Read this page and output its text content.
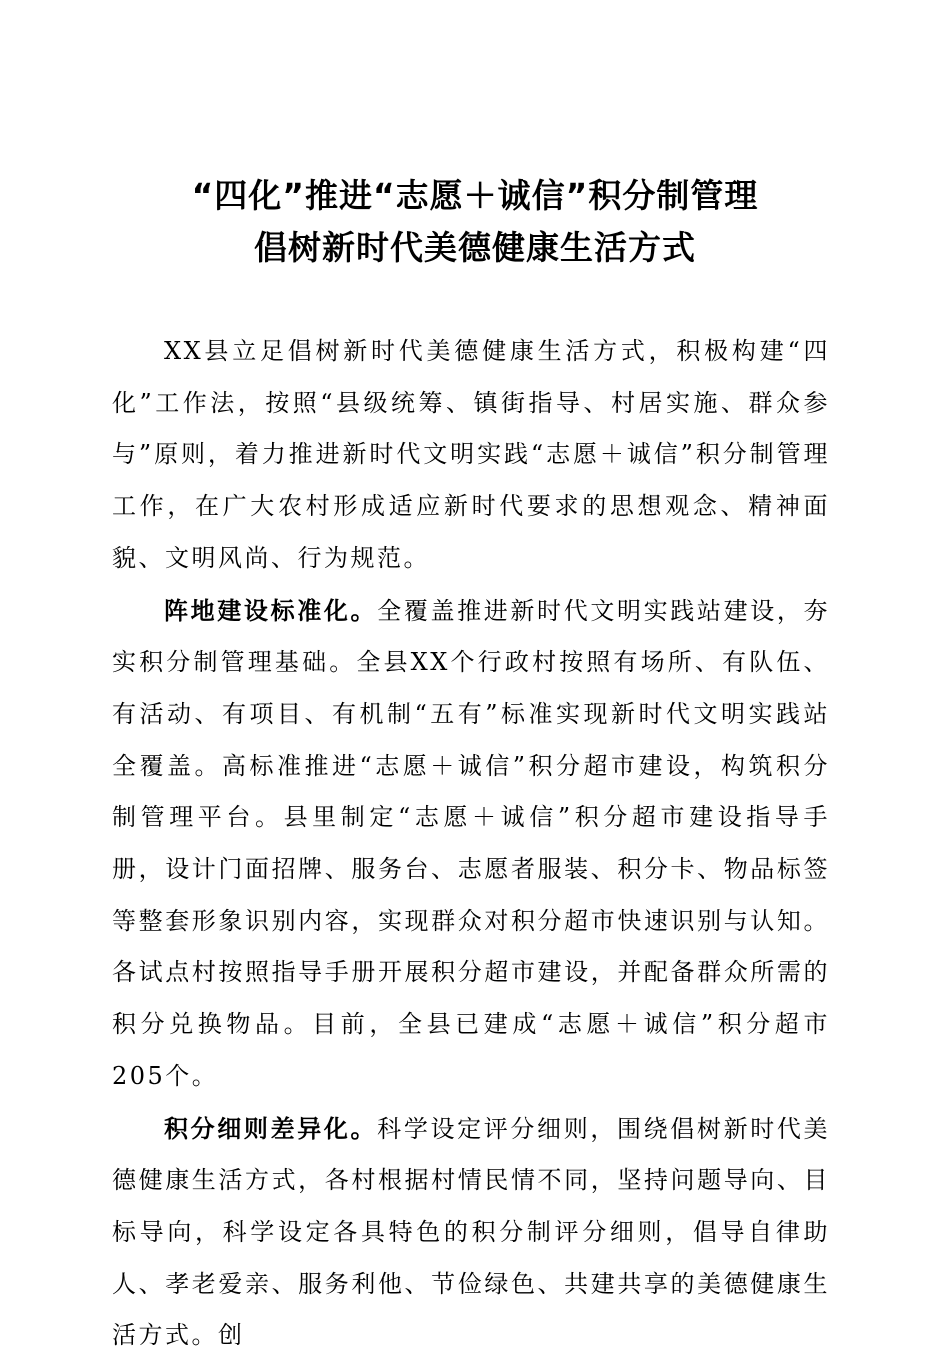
“四化”推进“志愿＋诚信”积分制管理
倡树新时代美德健康生活方式

XX县立足倡树新时代美德健康生活方式，积极构建“四化”工作法，按照“县级统筹、镇街指导、村居实施、群众参与”原则，着力推进新时代文明实践“志愿＋诚信”积分制管理工作，在广大农村形成适应新时代要求的思想观念、精神面貌、文明风尚、行为规范。

阵地建设标准化。全覆盖推进新时代文明实践站建设，夯实积分制管理基础。全县XX个行政村按照有场所、有队伍、有活动、有项目、有机制“五有”标准实现新时代文明实践站全覆盖。高标准推进“志愿＋诚信”积分超市建设，构筑积分制管理平台。县里制定“志愿＋诚信”积分超市建设指导手册，设计门面招牌、服务台、志愿者服装、积分卡、物品标签等整套形象识别内容，实现群众对积分超市快速识别与认知。各试点村按照指导手册开展积分超市建设，并配备群众所需的积分兑换物品。目前，全县已建成“志愿＋诚信”积分超市205个。

积分细则差异化。科学设定评分细则，围绕倡树新时代美德健康生活方式，各村根据村情民情不同，坚持问题导向、目标导向，科学设定各具特色的积分制评分细则，倡导自律助人、孝老爱亲、服务利他、节俭绿色、共建共享的美德健康生活方式。创
